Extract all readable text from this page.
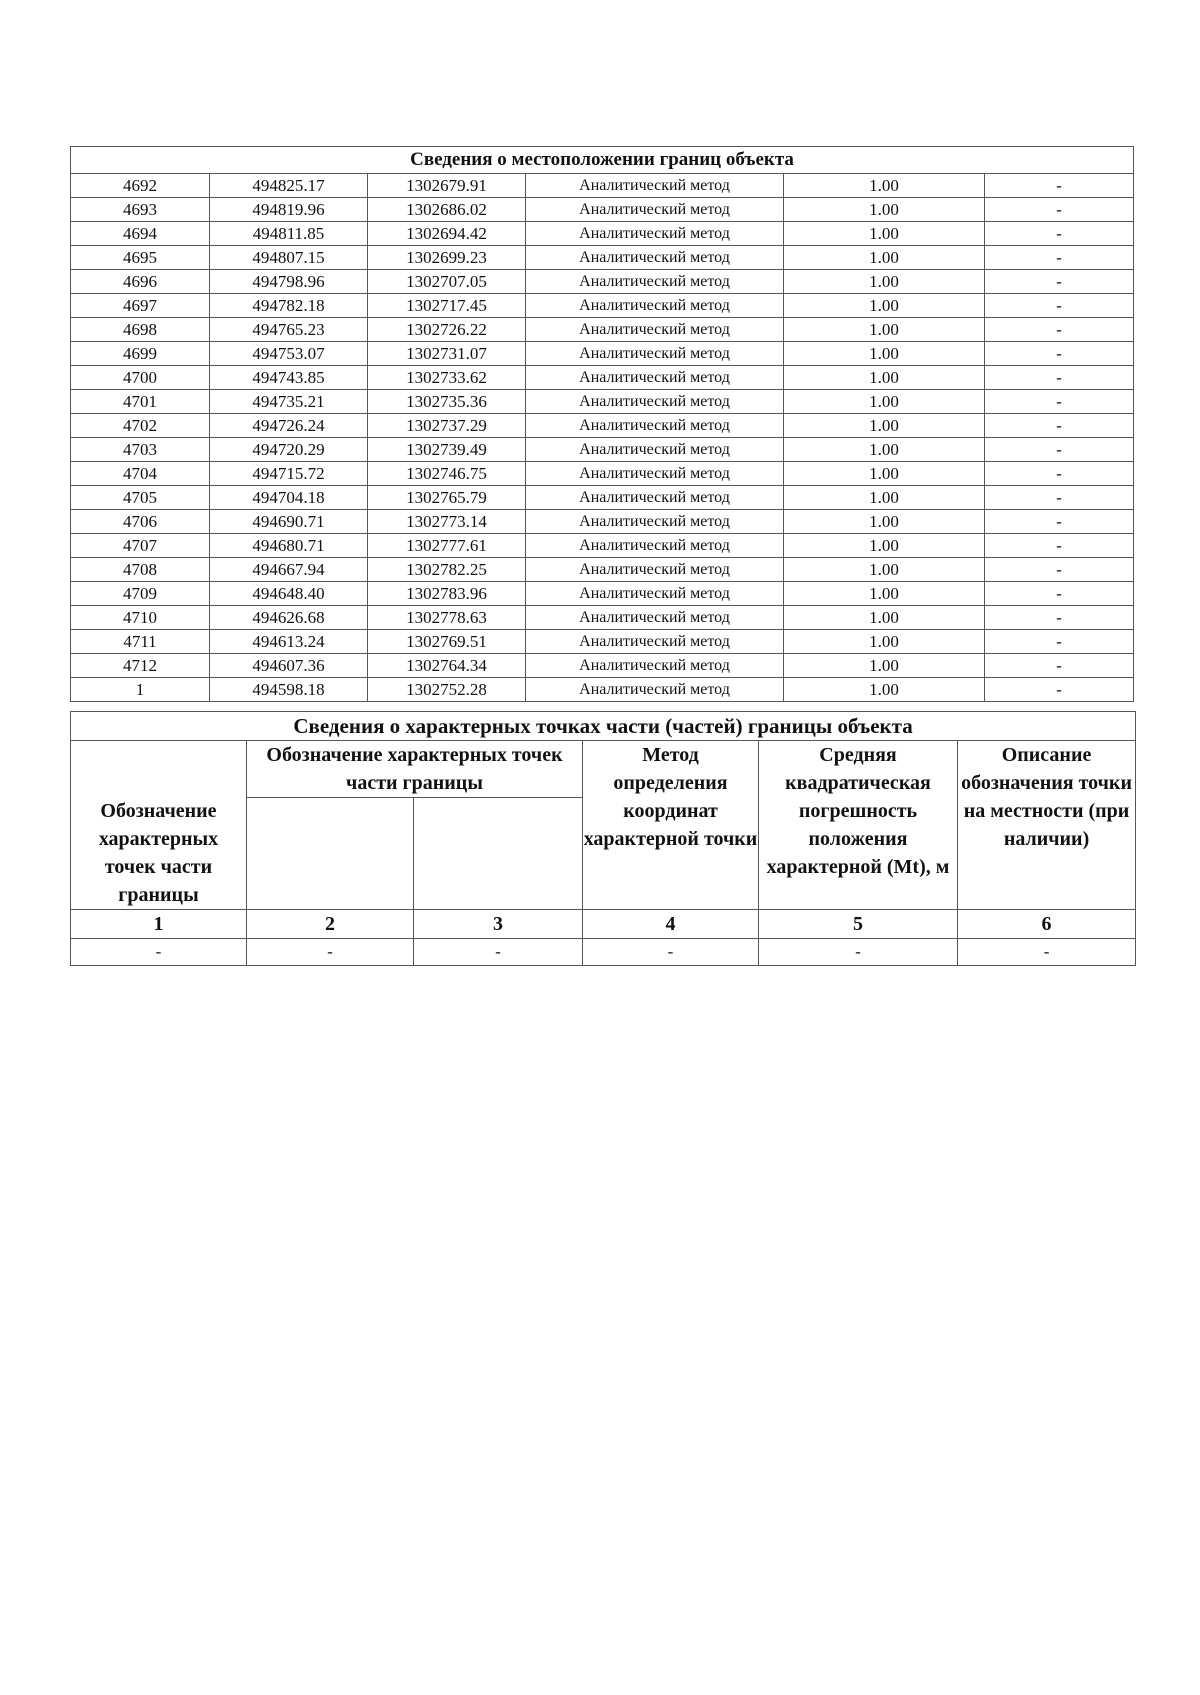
Сведения о местоположении границ объекта					
4692	494825.17	1302679.91	Аналитический метод	1.00	-
4693	494819.96	1302686.02	Аналитический метод	1.00	-
4694	494811.85	1302694.42	Аналитический метод	1.00	-
4695	494807.15	1302699.23	Аналитический метод	1.00	-
4696	494798.96	1302707.05	Аналитический метод	1.00	-
4697	494782.18	1302717.45	Аналитический метод	1.00	-
4698	494765.23	1302726.22	Аналитический метод	1.00	-
4699	494753.07	1302731.07	Аналитический метод	1.00	-
4700	494743.85	1302733.62	Аналитический метод	1.00	-
4701	494735.21	1302735.36	Аналитический метод	1.00	-
4702	494726.24	1302737.29	Аналитический метод	1.00	-
4703	494720.29	1302739.49	Аналитический метод	1.00	-
4704	494715.72	1302746.75	Аналитический метод	1.00	-
4705	494704.18	1302765.79	Аналитический метод	1.00	-
4706	494690.71	1302773.14	Аналитический метод	1.00	-
4707	494680.71	1302777.61	Аналитический метод	1.00	-
4708	494667.94	1302782.25	Аналитический метод	1.00	-
4709	494648.40	1302783.96	Аналитический метод	1.00	-
4710	494626.68	1302778.63	Аналитический метод	1.00	-
4711	494613.24	1302769.51	Аналитический метод	1.00	-
4712	494607.36	1302764.34	Аналитический метод	1.00	-
1	494598.18	1302752.28	Аналитический метод	1.00	-
Сведения о характерных точках части (частей) границы объекта					
Обозначение характерных точек части границы	Обозначение характерных точек части границы		Метод определения координат характерной точки	Средняя квадратическая погрешность положения характерной (Mt), м	Описание обозначения точки на местности (при наличии)

1	2	3	4	5	6
-	-	-	-	-	-
